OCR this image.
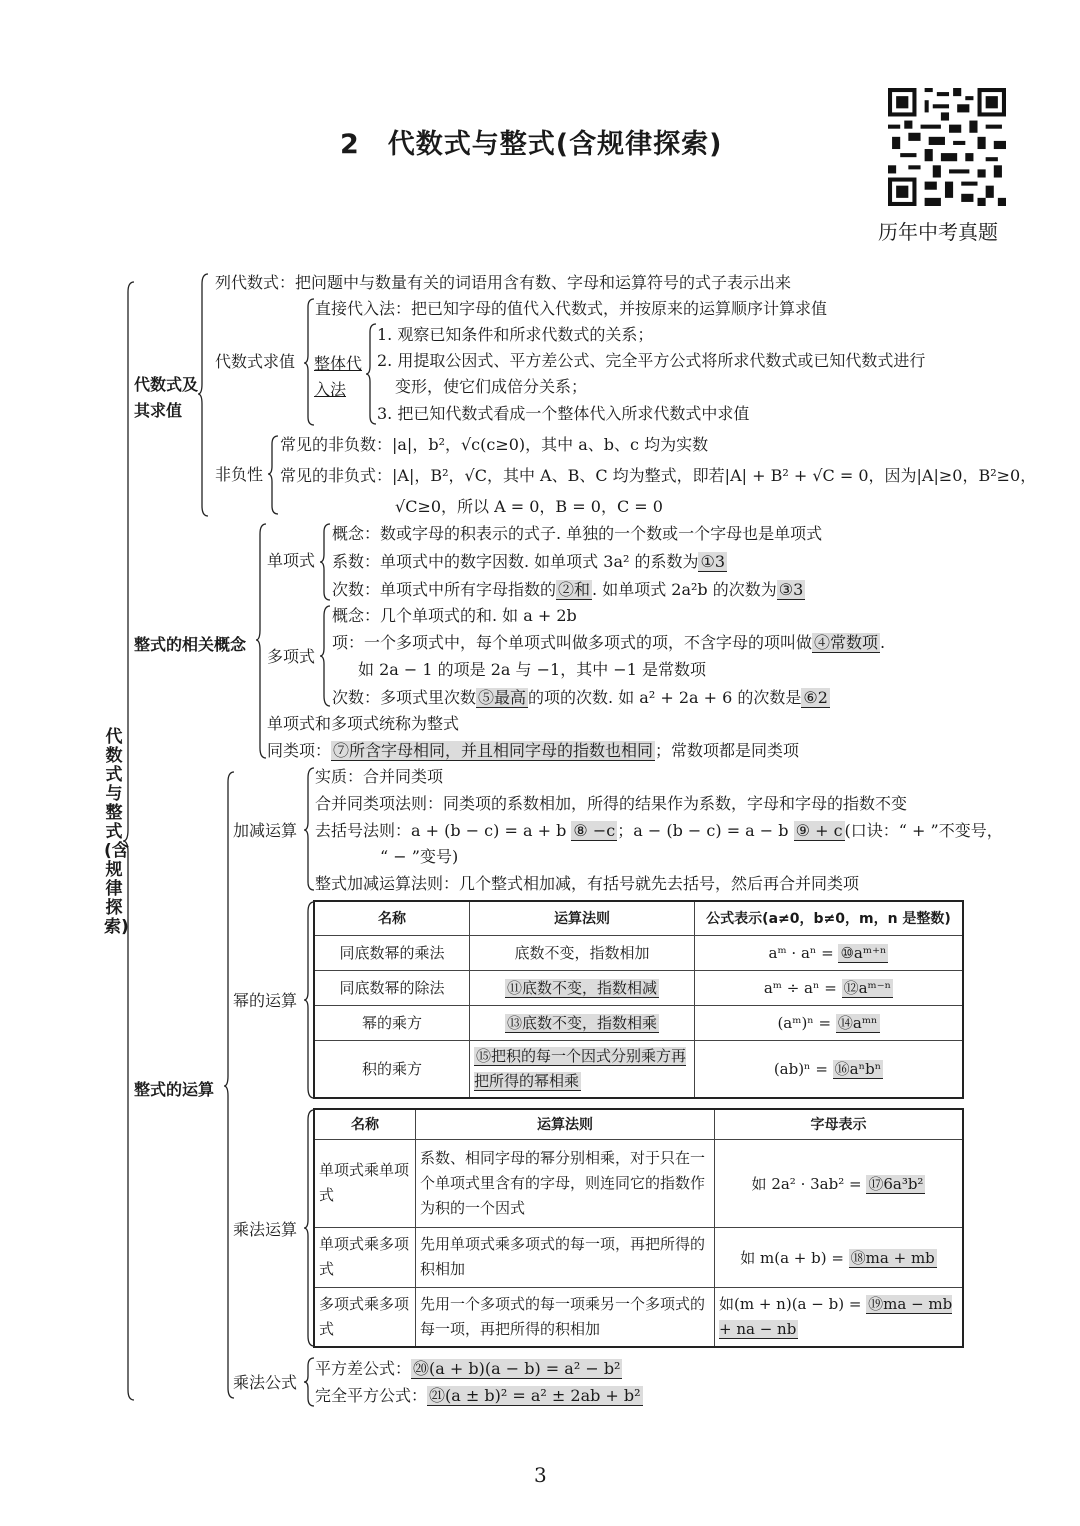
2　代数式与整式(含规律探索)
历年中考真题
代数式与整式(含规律探索)
代数式及
其求值
列代数式：把问题中与数量有关的词语用含有数、字母和运算符号的式子表示出来
代数式求值
直接代入法：把已知字母的值代入代数式，并按原来的运算顺序计算求值
整体代入法
1. 观察已知条件和所求代数式的关系；
2. 用提取公因式、平方差公式、完全平方公式将所求代数式或已知代数式进行
变形，使它们成倍分关系；
3. 把已知代数式看成一个整体代入所求代数式中求值
非负性
常见的非负数：|a|，b²，√c(c≥0)，其中 a、b、c 均为实数
常见的非负式：|A|，B²，√C，其中 A、B、C 均为整式，即若|A| + B² + √C = 0，因为|A|≥0，B²≥0，
√C≥0，所以 A = 0，B = 0，C = 0
整式的相关概念
单项式
概念：数或字母的积表示的式子. 单独的一个数或一个字母也是单项式
系数：单项式中的数字因数. 如单项式 3a² 的系数为 ①3
次数：单项式中所有字母指数的 ②和 . 如单项式 2a²b 的次数为 ③3
多项式
概念：几个单项式的和. 如 a + 2b
项：一个多项式中，每个单项式叫做多项式的项，不含字母的项叫做 ④常数项 .
如 2a − 1 的项是 2a 与 −1，其中 −1 是常数项
次数：多项式里次数 ⑤最高 的项的次数. 如 a² + 2a + 6 的次数是 ⑥2
单项式和多项式统称为整式
同类项： ⑦所含字母相同，并且相同字母的指数也相同 ；常数项都是同类项
整式的运算
加减运算
实质：合并同类项
合并同类项法则：同类项的系数相加，所得的结果作为系数，字母和字母的指数不变
去括号法则：a + (b − c) = a + b ⑧ −c ；a − (b − c) = a − b ⑨ + c (口诀：“ + ”不变号，
“ − ”变号)
整式加减运算法则：几个整式相加减，有括号就先去括号，然后再合并同类项
幂的运算
名称	运算法则	公式表示(a≠0，b≠0，m，n 是整数)
同底数幂的乘法	底数不变，指数相加	aᵐ · aⁿ = ⑩aᵐ⁺ⁿ
同底数幂的除法	⑪底数不变，指数相减	aᵐ ÷ aⁿ = ⑫aᵐ⁻ⁿ
幂的乘方	⑬底数不变，指数相乘	(aᵐ)ⁿ = ⑭aᵐⁿ
积的乘方	⑮把积的每一个因式分别乘方再把所得的幂相乘	(ab)ⁿ = ⑯aⁿbⁿ
乘法运算
名称	运算法则	字母表示
单项式乘单项式	系数、相同字母的幂分别相乘，对于只在一个单项式里含有的字母，则连同它的指数作为积的一个因式	如 2a² · 3ab² = ⑰6a³b²
单项式乘多项式	先用单项式乘多项式的每一项，再把所得的积相加	如 m(a + b) = ⑱ma + mb
多项式乘多项式	先用一个多项式的每一项乘另一个多项式的每一项，再把所得的积相加	如(m + n)(a − b) = ⑲ma − mb + na − nb
乘法公式
平方差公式： ⑳(a + b)(a − b) = a² − b²
完全平方公式： ㉑(a ± b)² = a² ± 2ab + b²
3
